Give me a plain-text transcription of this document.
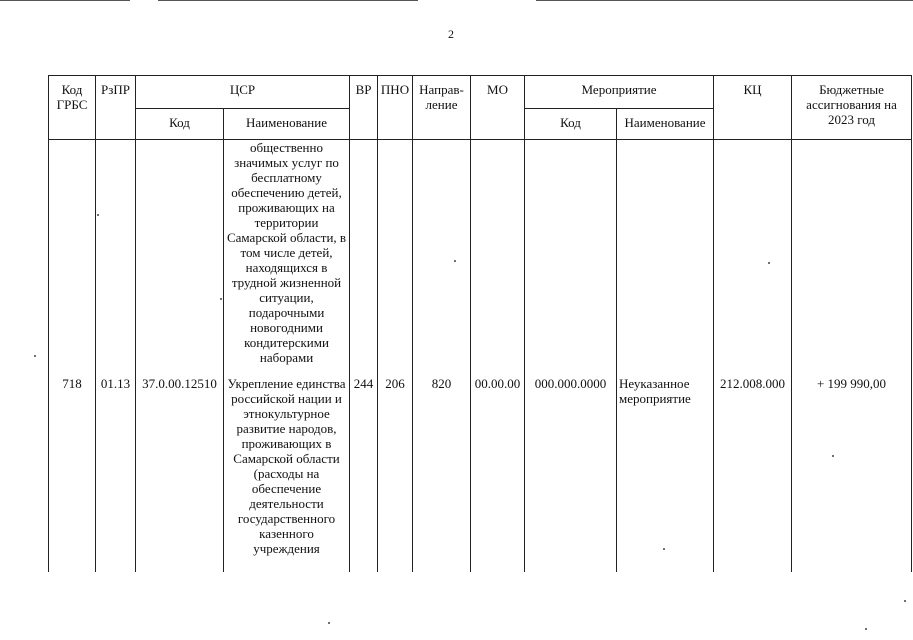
2
Код ГРБС	РзПР	ЦСР		ВР	ПНО	Направ-ление	МО	Мероприятие		КЦ	Бюджетные ассигнования на 2023 год
		Код	Наименование					Код	Наименование		
			общественно значимых услуг по бесплатному обеспечению детей, проживающих на территории Самарской области, в том числе детей, находящихся в трудной жизненной ситуации, подарочными новогодними кондитерскими наборами								
718	01.13	37.0.00.12510	Укрепление единства российской нации и этнокультурное развитие народов, проживающих в Самарской области (расходы на обеспечение деятельности государственного казенного учреждения	244	206	820	00.00.00	000.000.0000	Неуказанное мероприятие	212.008.000	+ 199 990,00
